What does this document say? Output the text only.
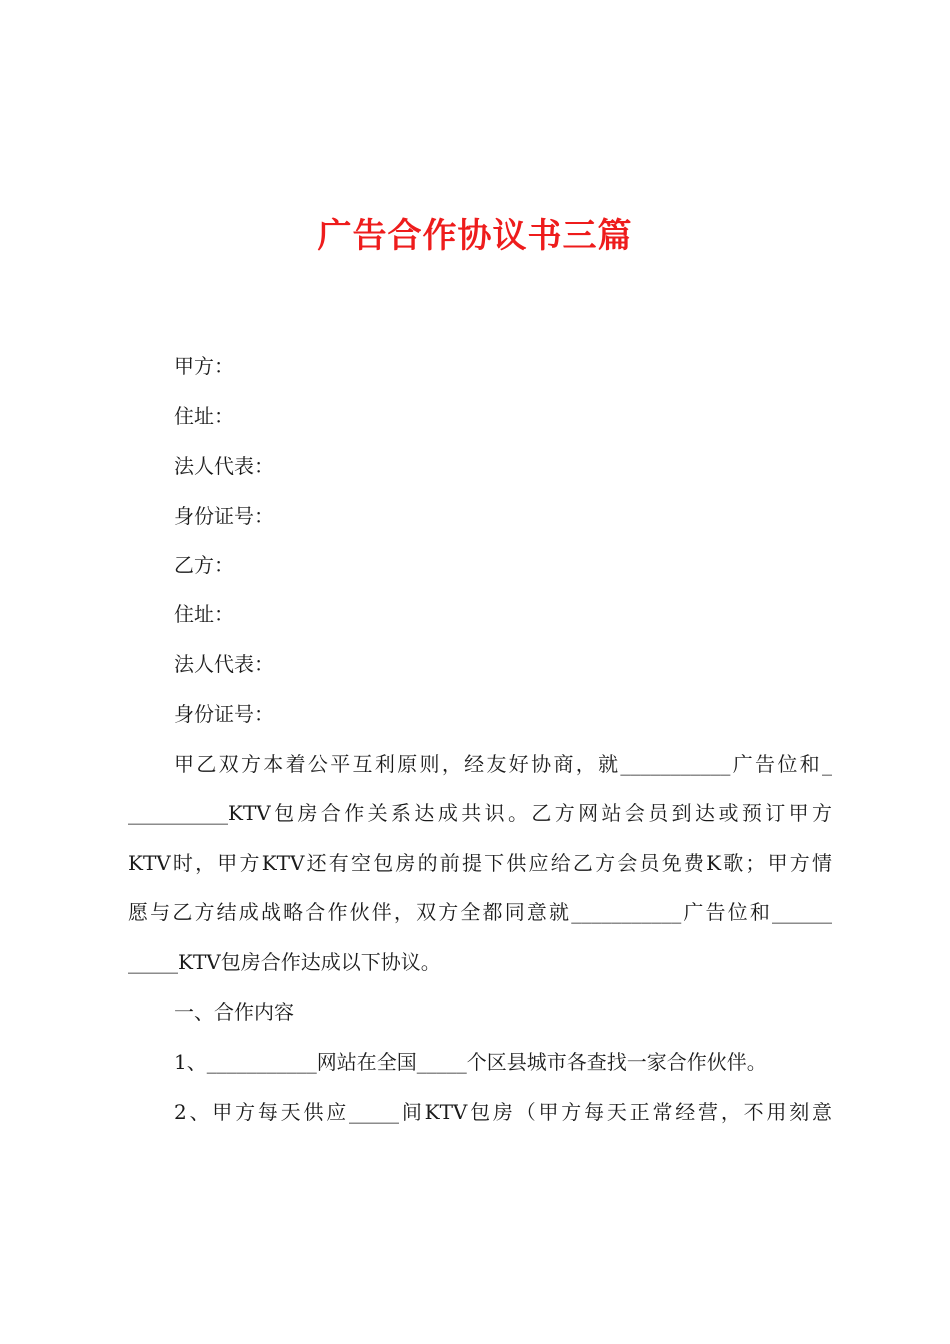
广告合作协议书三篇
甲方：
住址：
法人代表：
身份证号：
乙方：
住址：
法人代表：
身份证号：
甲乙双方本着公平互利原则，经友好协商，就___________广告位和_
__________KTV包房合作关系达成共识。乙方网站会员到达或预订甲方
KTV时，甲方KTV还有空包房的前提下供应给乙方会员免费K歌；甲方情
愿与乙方结成战略合作伙伴，双方全都同意就___________广告位和______
_____KTV包房合作达成以下协议。
一、合作内容
1、___________网站在全国_____个区县城市各查找一家合作伙伴。
2、甲方每天供应_____间KTV包房（甲方每天正常经营，不用刻意
